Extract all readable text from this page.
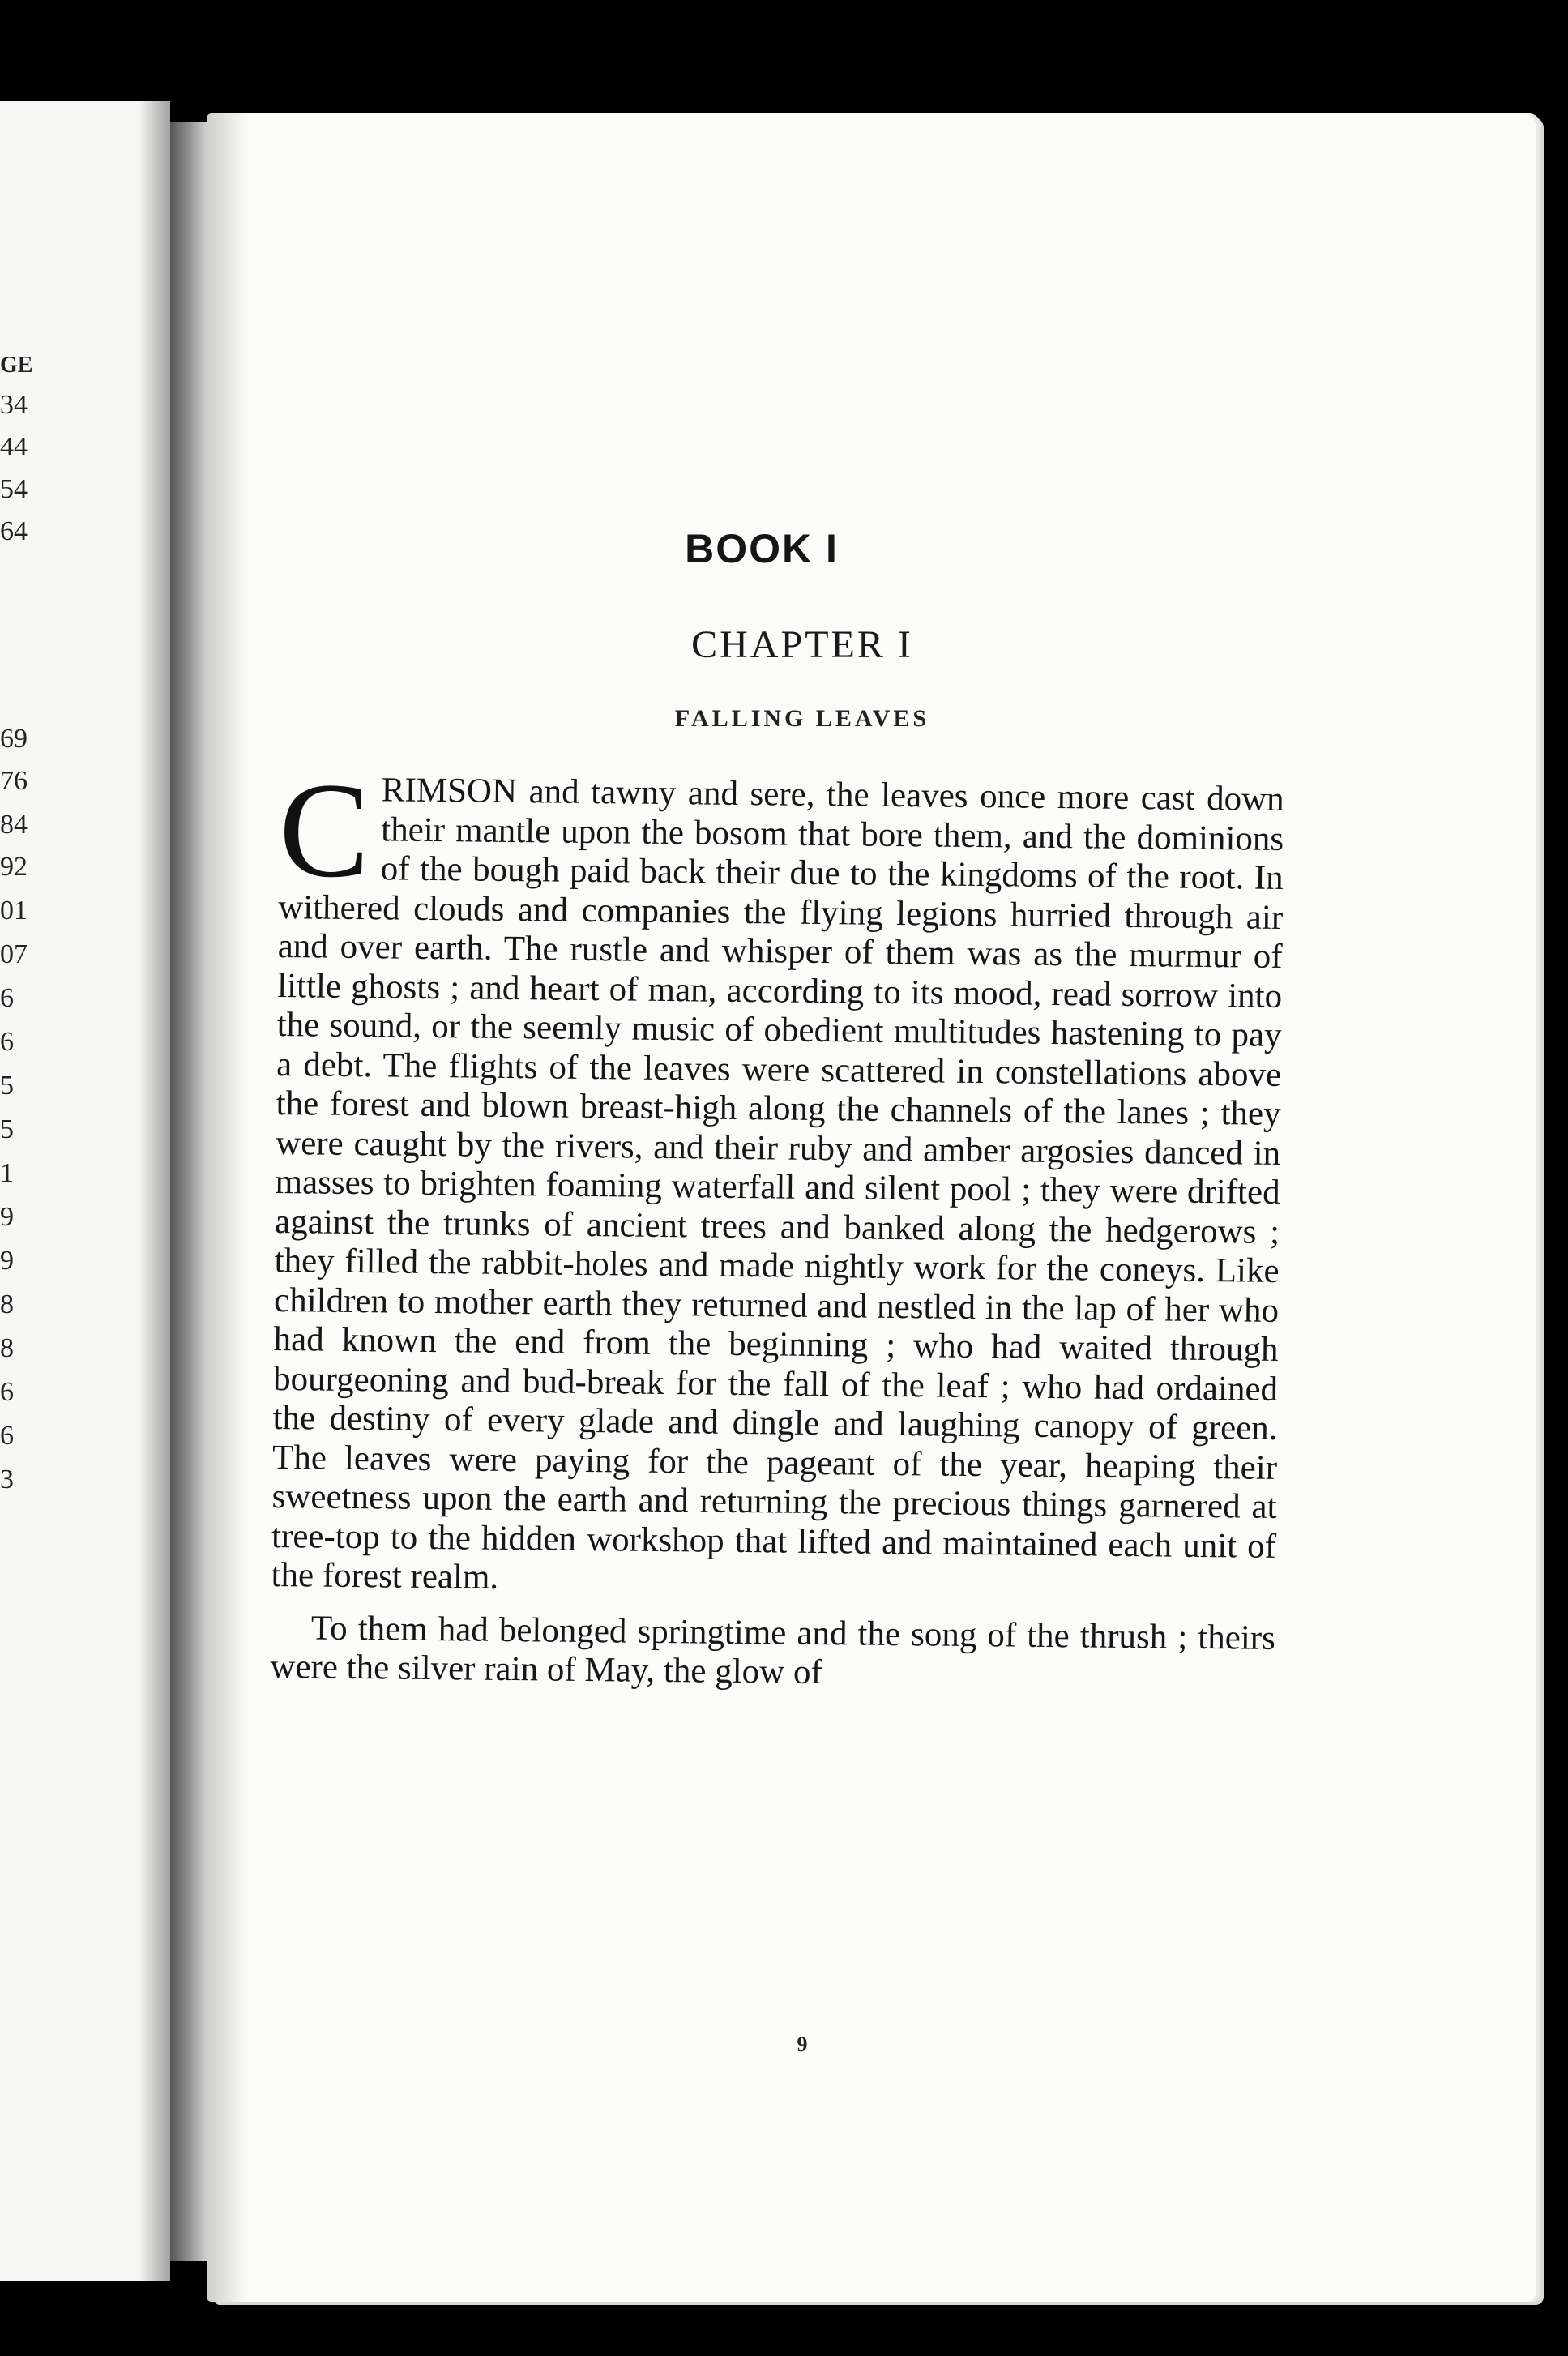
GE
34
44
54
64
69
76
84
92
01
07
6
6
5
5
1
9
9
8
8
6
6
3
BOOK I
CHAPTER I
FALLING LEAVES

C RIMSON and tawny and sere, the leaves once more cast down their mantle upon the bosom that bore them, and the dominions of the bough paid back their due to the kingdoms of the root. In withered clouds and companies the flying legions hurried through air and over earth. The rustle and whisper of them was as the murmur of little ghosts ; and heart of man, according to its mood, read sorrow into the sound, or the seemly music of obedient multitudes hastening to pay a debt. The flights of the leaves were scattered in constellations above the forest and blown breast-high along the channels of the lanes ; they were caught by the rivers, and their ruby and amber argosies danced in masses to brighten foaming waterfall and silent pool ; they were drifted against the trunks of ancient trees and banked along the hedgerows ; they filled the rabbit-holes and made nightly work for the coneys. Like children to mother earth they returned and nestled in the lap of her who had known the end from the beginning ; who had waited through bourgeoning and bud-break for the fall of the leaf ; who had ordained the destiny of every glade and dingle and laughing canopy of green. The leaves were paying for the pageant of the year, heaping their sweetness upon the earth and returning the precious things garnered at tree-top to the hidden workshop that lifted and maintained each unit of the forest realm.

To them had belonged springtime and the song of the thrush ; theirs were the silver rain of May, the glow of

9
